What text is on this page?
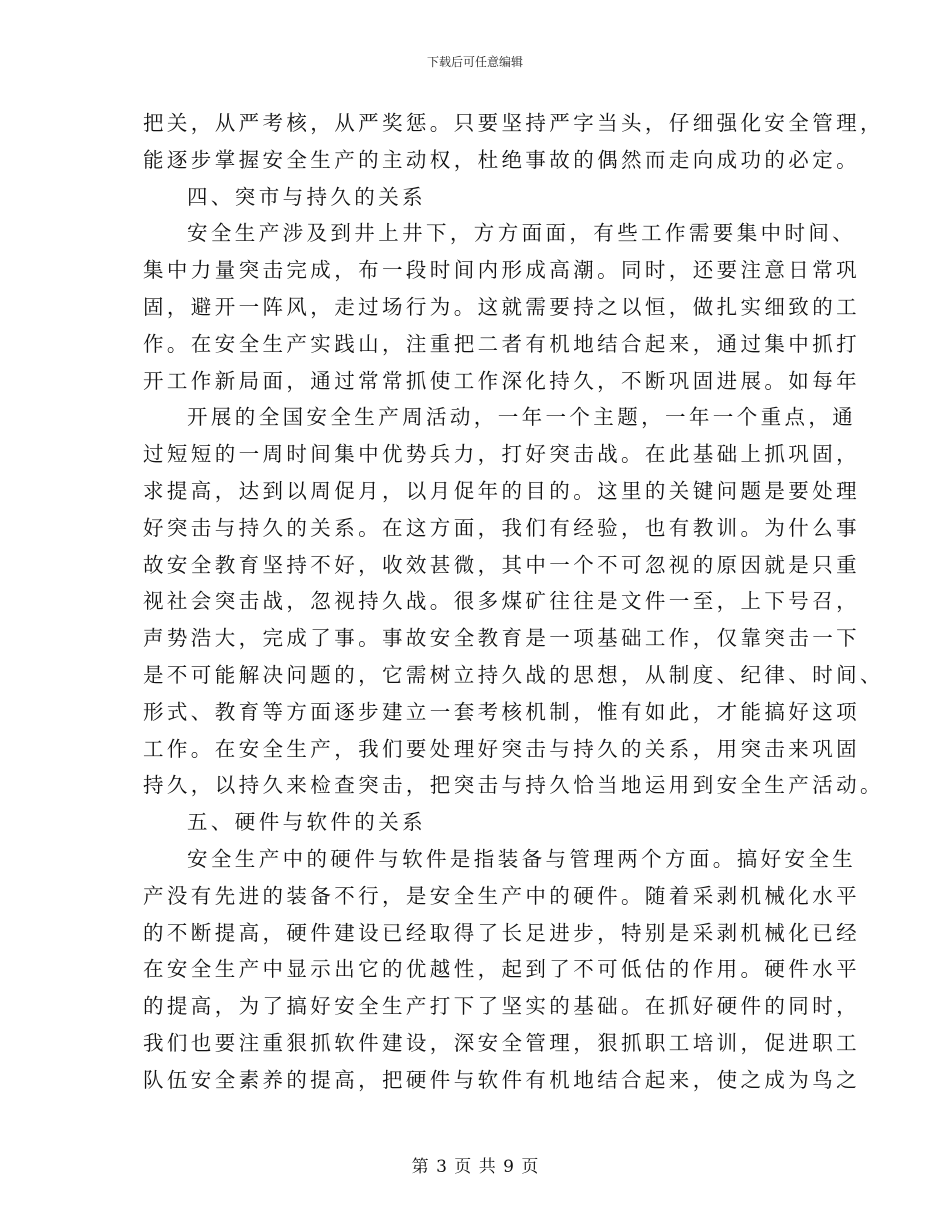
下载后可任意编辑
把关，从严考核，从严奖惩。只要坚持严字当头，仔细强化安全管理，
能逐步掌握安全生产的主动权，杜绝事故的偶然而走向成功的必定。
四、突市与持久的关系
安全生产涉及到井上井下，方方面面，有些工作需要集中时间、
集中力量突击完成，布一段时间内形成高潮。同时，还要注意日常巩
固，避开一阵风，走过场行为。这就需要持之以恒，做扎实细致的工
作。在安全生产实践山，注重把二者有机地结合起来，通过集中抓打
开工作新局面，通过常常抓使工作深化持久，不断巩固进展。如每年
开展的全国安全生产周活动，一年一个主题，一年一个重点，通
过短短的一周时间集中优势兵力，打好突击战。在此基础上抓巩固，
求提高，达到以周促月，以月促年的目的。这里的关键问题是要处理
好突击与持久的关系。在这方面，我们有经验，也有教训。为什么事
故安全教育坚持不好，收效甚微，其中一个不可忽视的原因就是只重
视社会突击战，忽视持久战。很多煤矿往往是文件一至，上下号召，
声势浩大，完成了事。事故安全教育是一项基础工作，仅靠突击一下
是不可能解决问题的，它需树立持久战的思想，从制度、纪律、时间、
形式、教育等方面逐步建立一套考核机制，惟有如此，才能搞好这项
工作。在安全生产，我们要处理好突击与持久的关系，用突击来巩固
持久，以持久来检查突击，把突击与持久恰当地运用到安全生产活动。
五、硬件与软件的关系
安全生产中的硬件与软件是指装备与管理两个方面。搞好安全生
产没有先进的装备不行，是安全生产中的硬件。随着采剥机械化水平
的不断提高，硬件建设已经取得了长足进步，特别是采剥机械化已经
在安全生产中显示出它的优越性，起到了不可低估的作用。硬件水平
的提高，为了搞好安全生产打下了坚实的基础。在抓好硬件的同时，
我们也要注重狠抓软件建设，深安全管理，狠抓职工培训，促进职工
队伍安全素养的提高，把硬件与软件有机地结合起来，使之成为鸟之
第 3 页 共 9 页
